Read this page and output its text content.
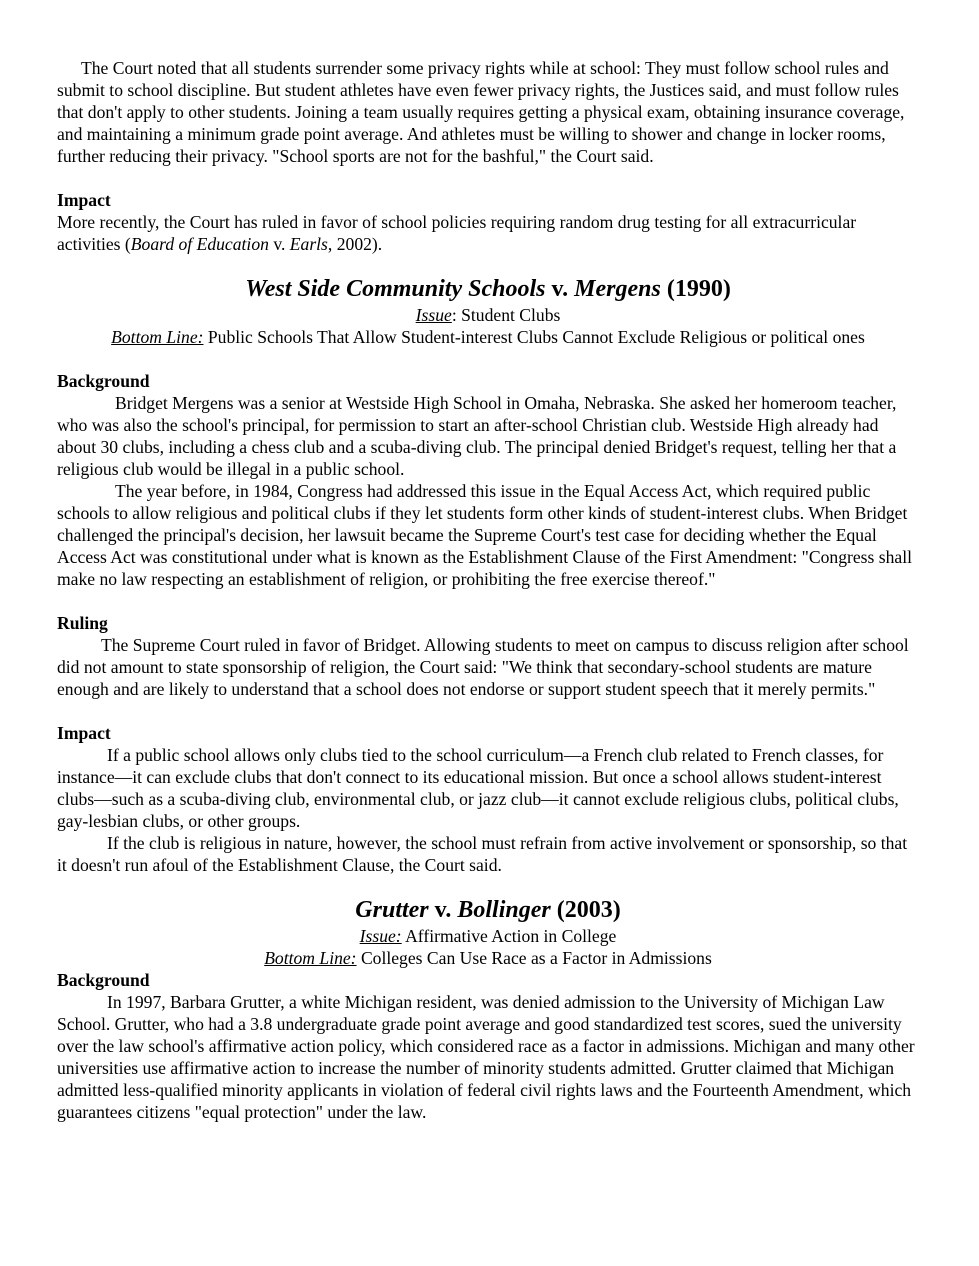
The Court noted that all students surrender some privacy rights while at school: They must follow school rules and submit to school discipline. But student athletes have even fewer privacy rights, the Justices said, and must follow rules that don't apply to other students. Joining a team usually requires getting a physical exam, obtaining insurance coverage, and maintaining a minimum grade point average. And athletes must be willing to shower and change in locker rooms, further reducing their privacy. "School sports are not for the bashful," the Court said.

Impact

More recently, the Court has ruled in favor of school policies requiring random drug testing for all extracurricular activities (Board of Education v. Earls, 2002).

West Side Community Schools v. Mergens (1990)

Issue: Student Clubs

Bottom Line: Public Schools That Allow Student-interest Clubs Cannot Exclude Religious or political ones

Background

Bridget Mergens was a senior at Westside High School in Omaha, Nebraska. She asked her homeroom teacher, who was also the school's principal, for permission to start an after-school Christian club. Westside High already had about 30 clubs, including a chess club and a scuba-diving club. The principal denied Bridget's request, telling her that a religious club would be illegal in a public school.

The year before, in 1984, Congress had addressed this issue in the Equal Access Act, which required public schools to allow religious and political clubs if they let students form other kinds of student-interest clubs. When Bridget challenged the principal's decision, her lawsuit became the Supreme Court's test case for deciding whether the Equal Access Act was constitutional under what is known as the Establishment Clause of the First Amendment: "Congress shall make no law respecting an establishment of religion, or prohibiting the free exercise thereof."

Ruling

The Supreme Court ruled in favor of Bridget. Allowing students to meet on campus to discuss religion after school did not amount to state sponsorship of religion, the Court said: "We think that secondary-school students are mature enough and are likely to understand that a school does not endorse or support student speech that it merely permits."

Impact

If a public school allows only clubs tied to the school curriculum—a French club related to French classes, for instance—it can exclude clubs that don't connect to its educational mission. But once a school allows student-interest clubs—such as a scuba-diving club, environmental club, or jazz club—it cannot exclude religious clubs, political clubs, gay-lesbian clubs, or other groups.

If the club is religious in nature, however, the school must refrain from active involvement or sponsorship, so that it doesn't run afoul of the Establishment Clause, the Court said.

Grutter v. Bollinger (2003)

Issue: Affirmative Action in College

Bottom Line: Colleges Can Use Race as a Factor in Admissions

Background

In 1997, Barbara Grutter, a white Michigan resident, was denied admission to the University of Michigan Law School. Grutter, who had a 3.8 undergraduate grade point average and good standardized test scores, sued the university over the law school's affirmative action policy, which considered race as a factor in admissions. Michigan and many other universities use affirmative action to increase the number of minority students admitted. Grutter claimed that Michigan admitted less-qualified minority applicants in violation of federal civil rights laws and the Fourteenth Amendment, which guarantees citizens "equal protection" under the law.
